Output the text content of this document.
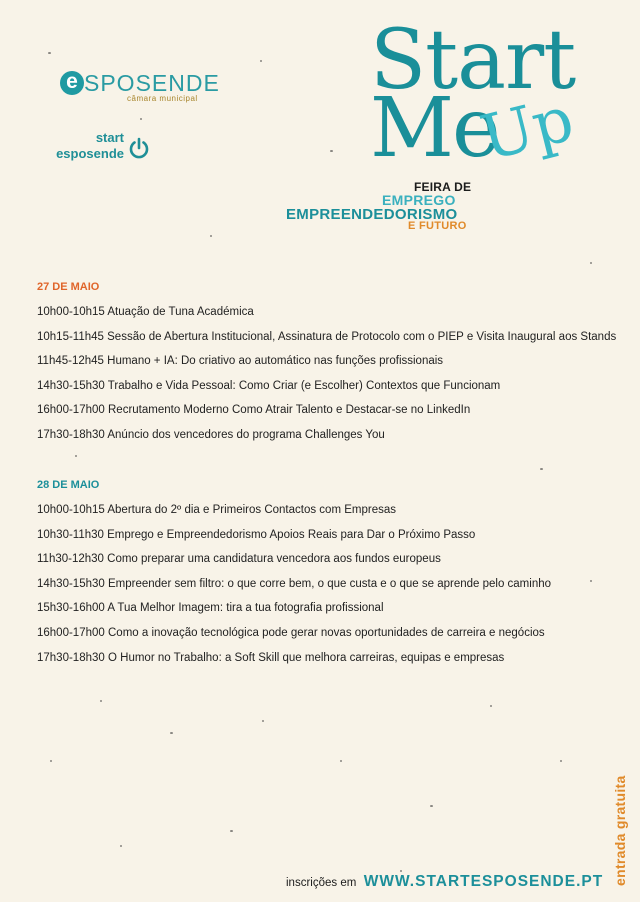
e SPOSENDE
câmara municipal
start
esposende
Start
Me
Up
FEIRA DE
EMPREGO
EMPREENDEDORISMO
E FUTURO
27 DE MAIO
10h00-10h15 Atuação de Tuna Académica
10h15-11h45 Sessão de Abertura Institucional, Assinatura de Protocolo com o PIEP e Visita Inaugural aos Stands
11h45-12h45 Humano + IA: Do criativo ao automático nas funções profissionais
14h30-15h30 Trabalho e Vida Pessoal: Como Criar (e Escolher) Contextos que Funcionam
16h00-17h00 Recrutamento Moderno Como Atrair Talento e Destacar-se no LinkedIn
17h30-18h30 Anúncio dos vencedores do programa Challenges You
28 DE MAIO
10h00-10h15 Abertura do 2º dia e Primeiros Contactos com Empresas
10h30-11h30 Emprego e Empreendedorismo Apoios Reais para Dar o Próximo Passo
11h30-12h30 Como preparar uma candidatura vencedora aos fundos europeus
14h30-15h30 Empreender sem filtro: o que corre bem, o que custa e o que se aprende pelo caminho
15h30-16h00 A Tua Melhor Imagem: tira a tua fotografia profissional
16h00-17h00 Como a inovação tecnológica pode gerar novas oportunidades de carreira e negócios
17h30-18h30 O Humor no Trabalho: a Soft Skill que melhora carreiras, equipas e empresas
entrada gratuita
inscrições em WWW.STARTESPOSENDE.PT
